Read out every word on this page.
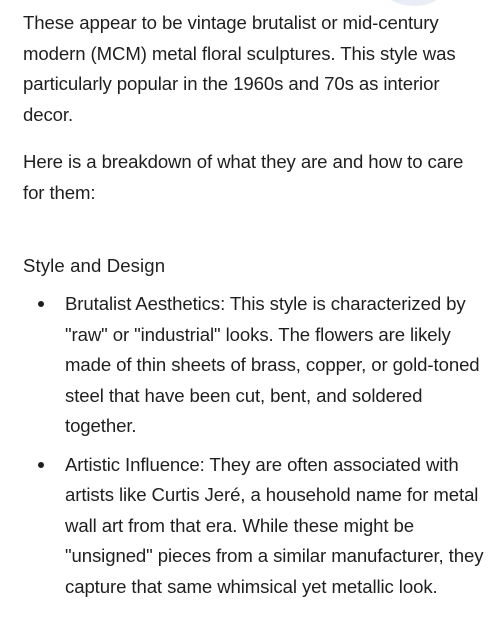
These appear to be vintage brutalist or mid-century modern (MCM) metal floral sculptures. This style was particularly popular in the 1960s and 70s as interior decor.

Here is a breakdown of what they are and how to care for them:

Style and Design
Brutalist Aesthetics: This style is characterized by "raw" or "industrial" looks. The flowers are likely made of thin sheets of brass, copper, or gold-toned steel that have been cut, bent, and soldered together.
Artistic Influence: They are often associated with artists like Curtis Jeré, a household name for metal wall art from that era. While these might be "unsigned" pieces from a similar manufacturer, they capture that same whimsical yet metallic look.
